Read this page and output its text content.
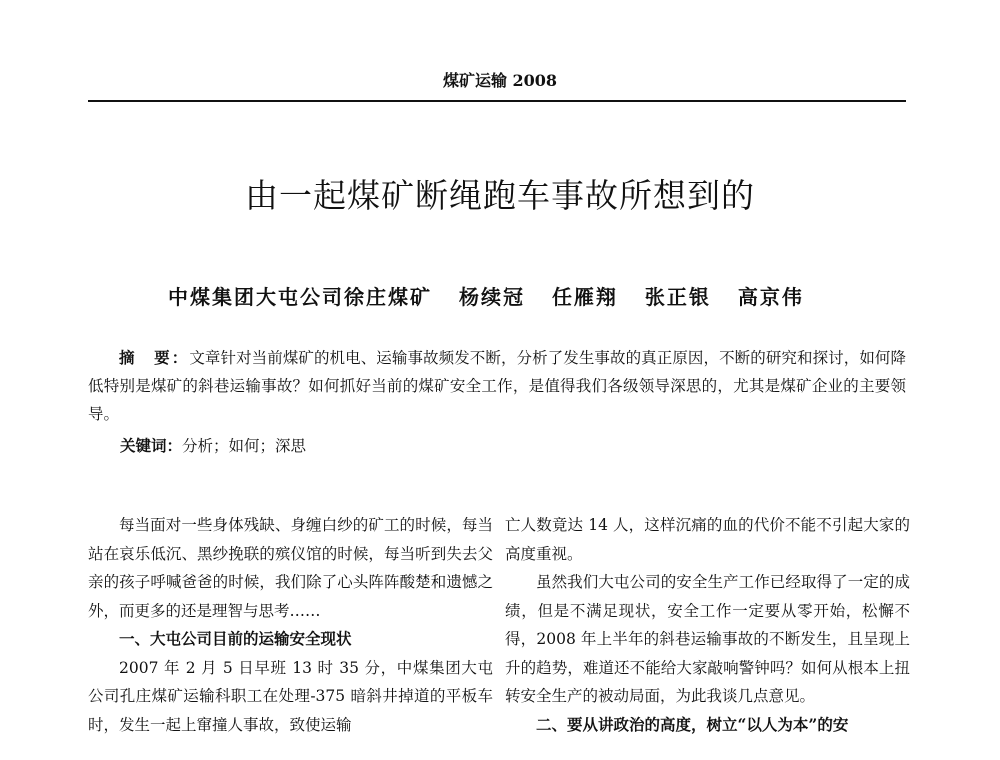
煤矿运输 2008
由一起煤矿断绳跑车事故所想到的
中煤集团大屯公司徐庄煤矿 杨续冠 任雁翔 张正银 高京伟

摘　要：文章针对当前煤矿的机电、运输事故频发不断，分析了发生事故的真正原因，不断的研究和探讨，如何降低特别是煤矿的斜巷运输事故？如何抓好当前的煤矿安全工作，是值得我们各级领导深思的，尤其是煤矿企业的主要领导。

关键词：分析；如何；深思

每当面对一些身体残缺、身缠白纱的矿工的时候，每当站在哀乐低沉、黑纱挽联的殡仪馆的时候，每当听到失去父亲的孩子呼喊爸爸的时候，我们除了心头阵阵酸楚和遗憾之外，而更多的还是理智与思考……

一、大屯公司目前的运输安全现状

2007 年 2 月 5 日早班 13 时 35 分，中煤集团大屯公司孔庄煤矿运输科职工在处理-375 暗斜井掉道的平板车时，发生一起上窜撞人事故，致使运输

亡人数竟达 14 人，这样沉痛的血的代价不能不引起大家的高度重视。

虽然我们大屯公司的安全生产工作已经取得了一定的成绩，但是不满足现状，安全工作一定要从零开始，松懈不得，2008 年上半年的斜巷运输事故的不断发生，且呈现上升的趋势，难道还不能给大家敲响警钟吗？如何从根本上扭转安全生产的被动局面，为此我谈几点意见。

二、要从讲政治的高度，树立“以人为本”的安
